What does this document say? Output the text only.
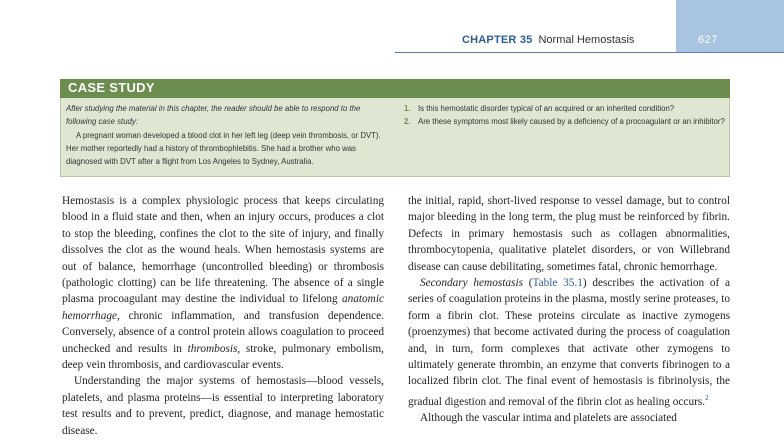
CHAPTER 35 Normal Hemostasis	627
CASE STUDY

After studying the material in this chapter, the reader should be able to respond to the following case study:

A pregnant woman developed a blood clot in her left leg (deep vein thrombosis, or DVT). Her mother reportedly had a history of thrombophlebitis. She had a brother who was diagnosed with DVT after a flight from Los Angeles to Sydney, Australia.

1. Is this hemostatic disorder typical of an acquired or an inherited condition?
2. Are these symptoms most likely caused by a deficiency of a procoagulant or an inhibitor?

Hemostasis is a complex physiologic process that keeps circulating blood in a fluid state and then, when an injury occurs, produces a clot to stop the bleeding, confines the clot to the site of injury, and finally dissolves the clot as the wound heals. When hemostasis systems are out of balance, hemorrhage (uncontrolled bleeding) or thrombosis (pathologic clotting) can be life threatening. The absence of a single plasma procoagulant may destine the individual to lifelong anatomic hemorrhage, chronic inflammation, and transfusion dependence. Conversely, absence of a control protein allows coagulation to proceed unchecked and results in thrombosis, stroke, pulmonary embolism, deep vein thrombosis, and cardiovascular events.

Understanding the major systems of hemostasis—blood vessels, platelets, and plasma proteins—is essential to interpreting laboratory test results and to prevent, predict, diagnose, and manage hemostatic disease.

the initial, rapid, short-lived response to vessel damage, but to control major bleeding in the long term, the plug must be reinforced by fibrin. Defects in primary hemostasis such as collagen abnormalities, thrombocytopenia, qualitative platelet disorders, or von Willebrand disease can cause debilitating, sometimes fatal, chronic hemorrhage.

Secondary hemostasis (Table 35.1) describes the activation of a series of coagulation proteins in the plasma, mostly serine proteases, to form a fibrin clot. These proteins circulate as inactive zymogens (proenzymes) that become activated during the process of coagulation and, in turn, form complexes that activate other zymogens to ultimately generate thrombin, an enzyme that converts fibrinogen to a localized fibrin clot. The final event of hemostasis is fibrinolysis, the gradual digestion and removal of the fibrin clot as healing occurs.$^2$

Although the vascular intima and platelets are associated
